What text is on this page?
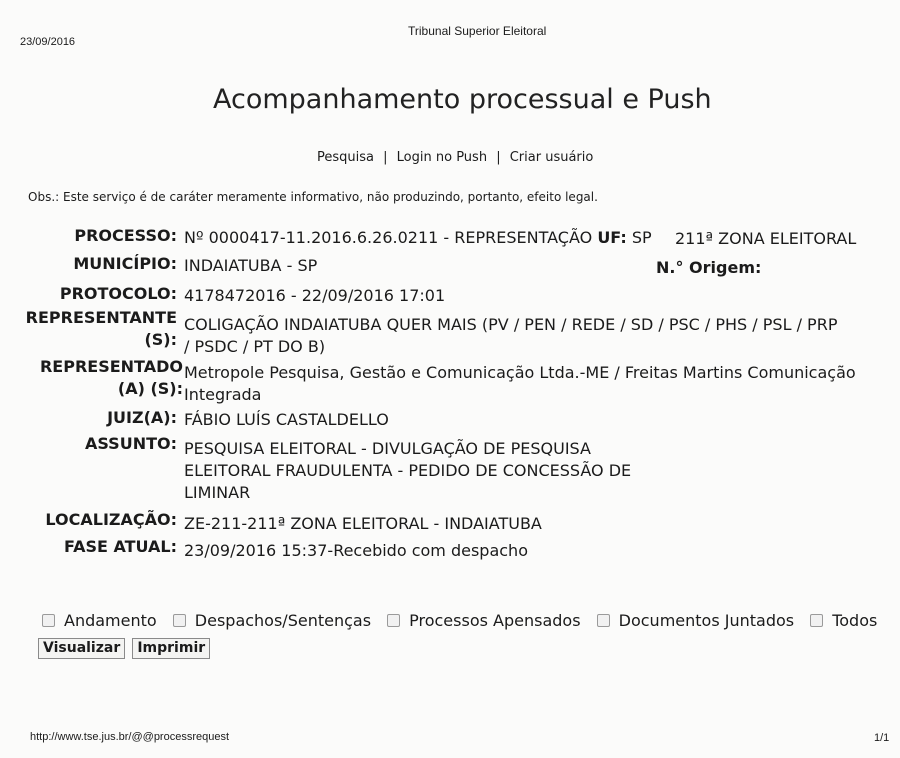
23/09/2016
Tribunal Superior Eleitoral
Acompanhamento processual e Push
Pesquisa | Login no Push | Criar usuário
Obs.: Este serviço é de caráter meramente informativo, não produzindo, portanto, efeito legal.
PROCESSO: Nº 0000417-11.2016.6.26.0211 - REPRESENTAÇÃO UF: SP 211ª ZONA ELEITORAL
MUNICÍPIO: INDAIATUBA - SP	N.° Origem:
PROTOCOLO: 4178472016 - 22/09/2016 17:01
REPRESENTANTE
(S):
COLIGAÇÃO INDAIATUBA QUER MAIS (PV / PEN / REDE / SD / PSC / PHS / PSL / PRP
/ PSDC / PT DO B)
REPRESENTADO
(A) (S):
Metropole Pesquisa, Gestão e Comunicação Ltda.-ME / Freitas Martins Comunicação
Integrada
JUIZ(A): FÁBIO LUÍS CASTALDELLO
ASSUNTO: PESQUISA ELEITORAL - DIVULGAÇÃO DE PESQUISA
ELEITORAL FRAUDULENTA - PEDIDO DE CONCESSÃO DE
LIMINAR
LOCALIZAÇÃO: ZE-211-211ª ZONA ELEITORAL - INDAIATUBA
FASE ATUAL: 23/09/2016 15:37-Recebido com despacho
Andamento
Despachos/Sentenças
Processos Apensados
Documentos Juntados
Todos
Visualizar Imprimir
http://www.tse.jus.br/@@processrequest	1/1
